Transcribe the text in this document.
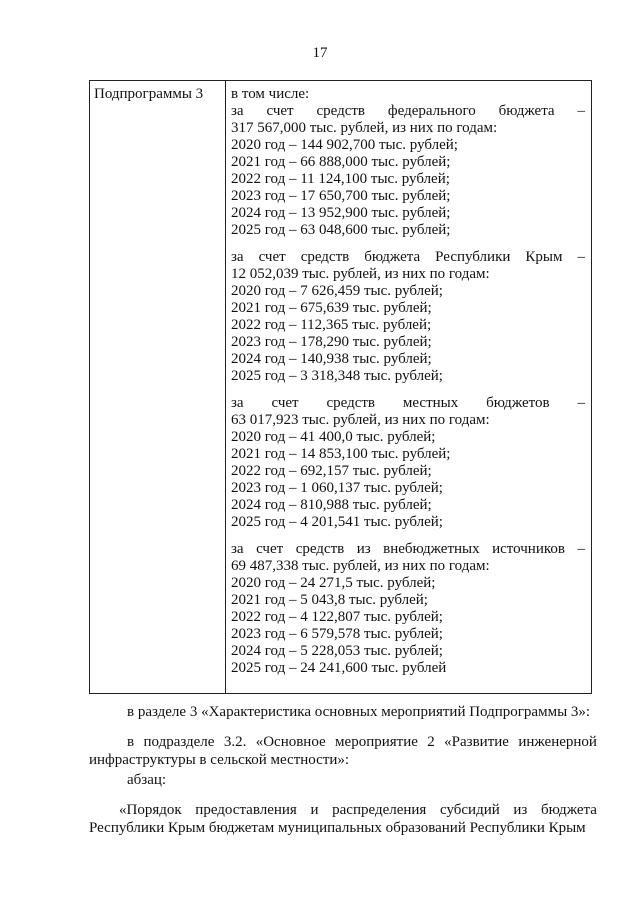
17
Подпрограммы 3 в том числе:

за счет средств федерального бюджета –

317 567,000 тыс. рублей, из них по годам:

2020 год – 144 902,700 тыс. рублей;

2021 год – 66 888,000 тыс. рублей;

2022 год – 11 124,100 тыс. рублей;

2023 год – 17 650,700 тыс. рублей;

2024 год – 13 952,900 тыс. рублей;

2025 год – 63 048,600 тыс. рублей;

за счет средств бюджета Республики Крым –

12 052,039 тыс. рублей, из них по годам:

2020 год – 7 626,459 тыс. рублей;

2021 год – 675,639 тыс. рублей;

2022 год – 112,365 тыс. рублей;

2023 год – 178,290 тыс. рублей;

2024 год – 140,938 тыс. рублей;

2025 год – 3 318,348 тыс. рублей;

за счет средств местных бюджетов –

63 017,923 тыс. рублей, из них по годам:

2020 год – 41 400,0 тыс. рублей;

2021 год – 14 853,100 тыс. рублей;

2022 год – 692,157 тыс. рублей;

2023 год – 1 060,137 тыс. рублей;

2024 год – 810,988 тыс. рублей;

2025 год – 4 201,541 тыс. рублей;

за счет средств из внебюджетных источников –

69 487,338 тыс. рублей, из них по годам:

2020 год – 24 271,5 тыс. рублей;

2021 год – 5 043,8 тыс. рублей;

2022 год – 4 122,807 тыс. рублей;

2023 год – 6 579,578 тыс. рублей;

2024 год – 5 228,053 тыс. рублей;

2025 год – 24 241,600 тыс. рублей

в разделе 3 «Характеристика основных мероприятий Подпрограммы 3»:

в подразделе 3.2. «Основное мероприятие 2 «Развитие инженерной

инфраструктуры в сельской местности»:

абзац:

«Порядок предоставления и распределения субсидий из бюджета

Республики Крым бюджетам муниципальных образований Республики Крым
